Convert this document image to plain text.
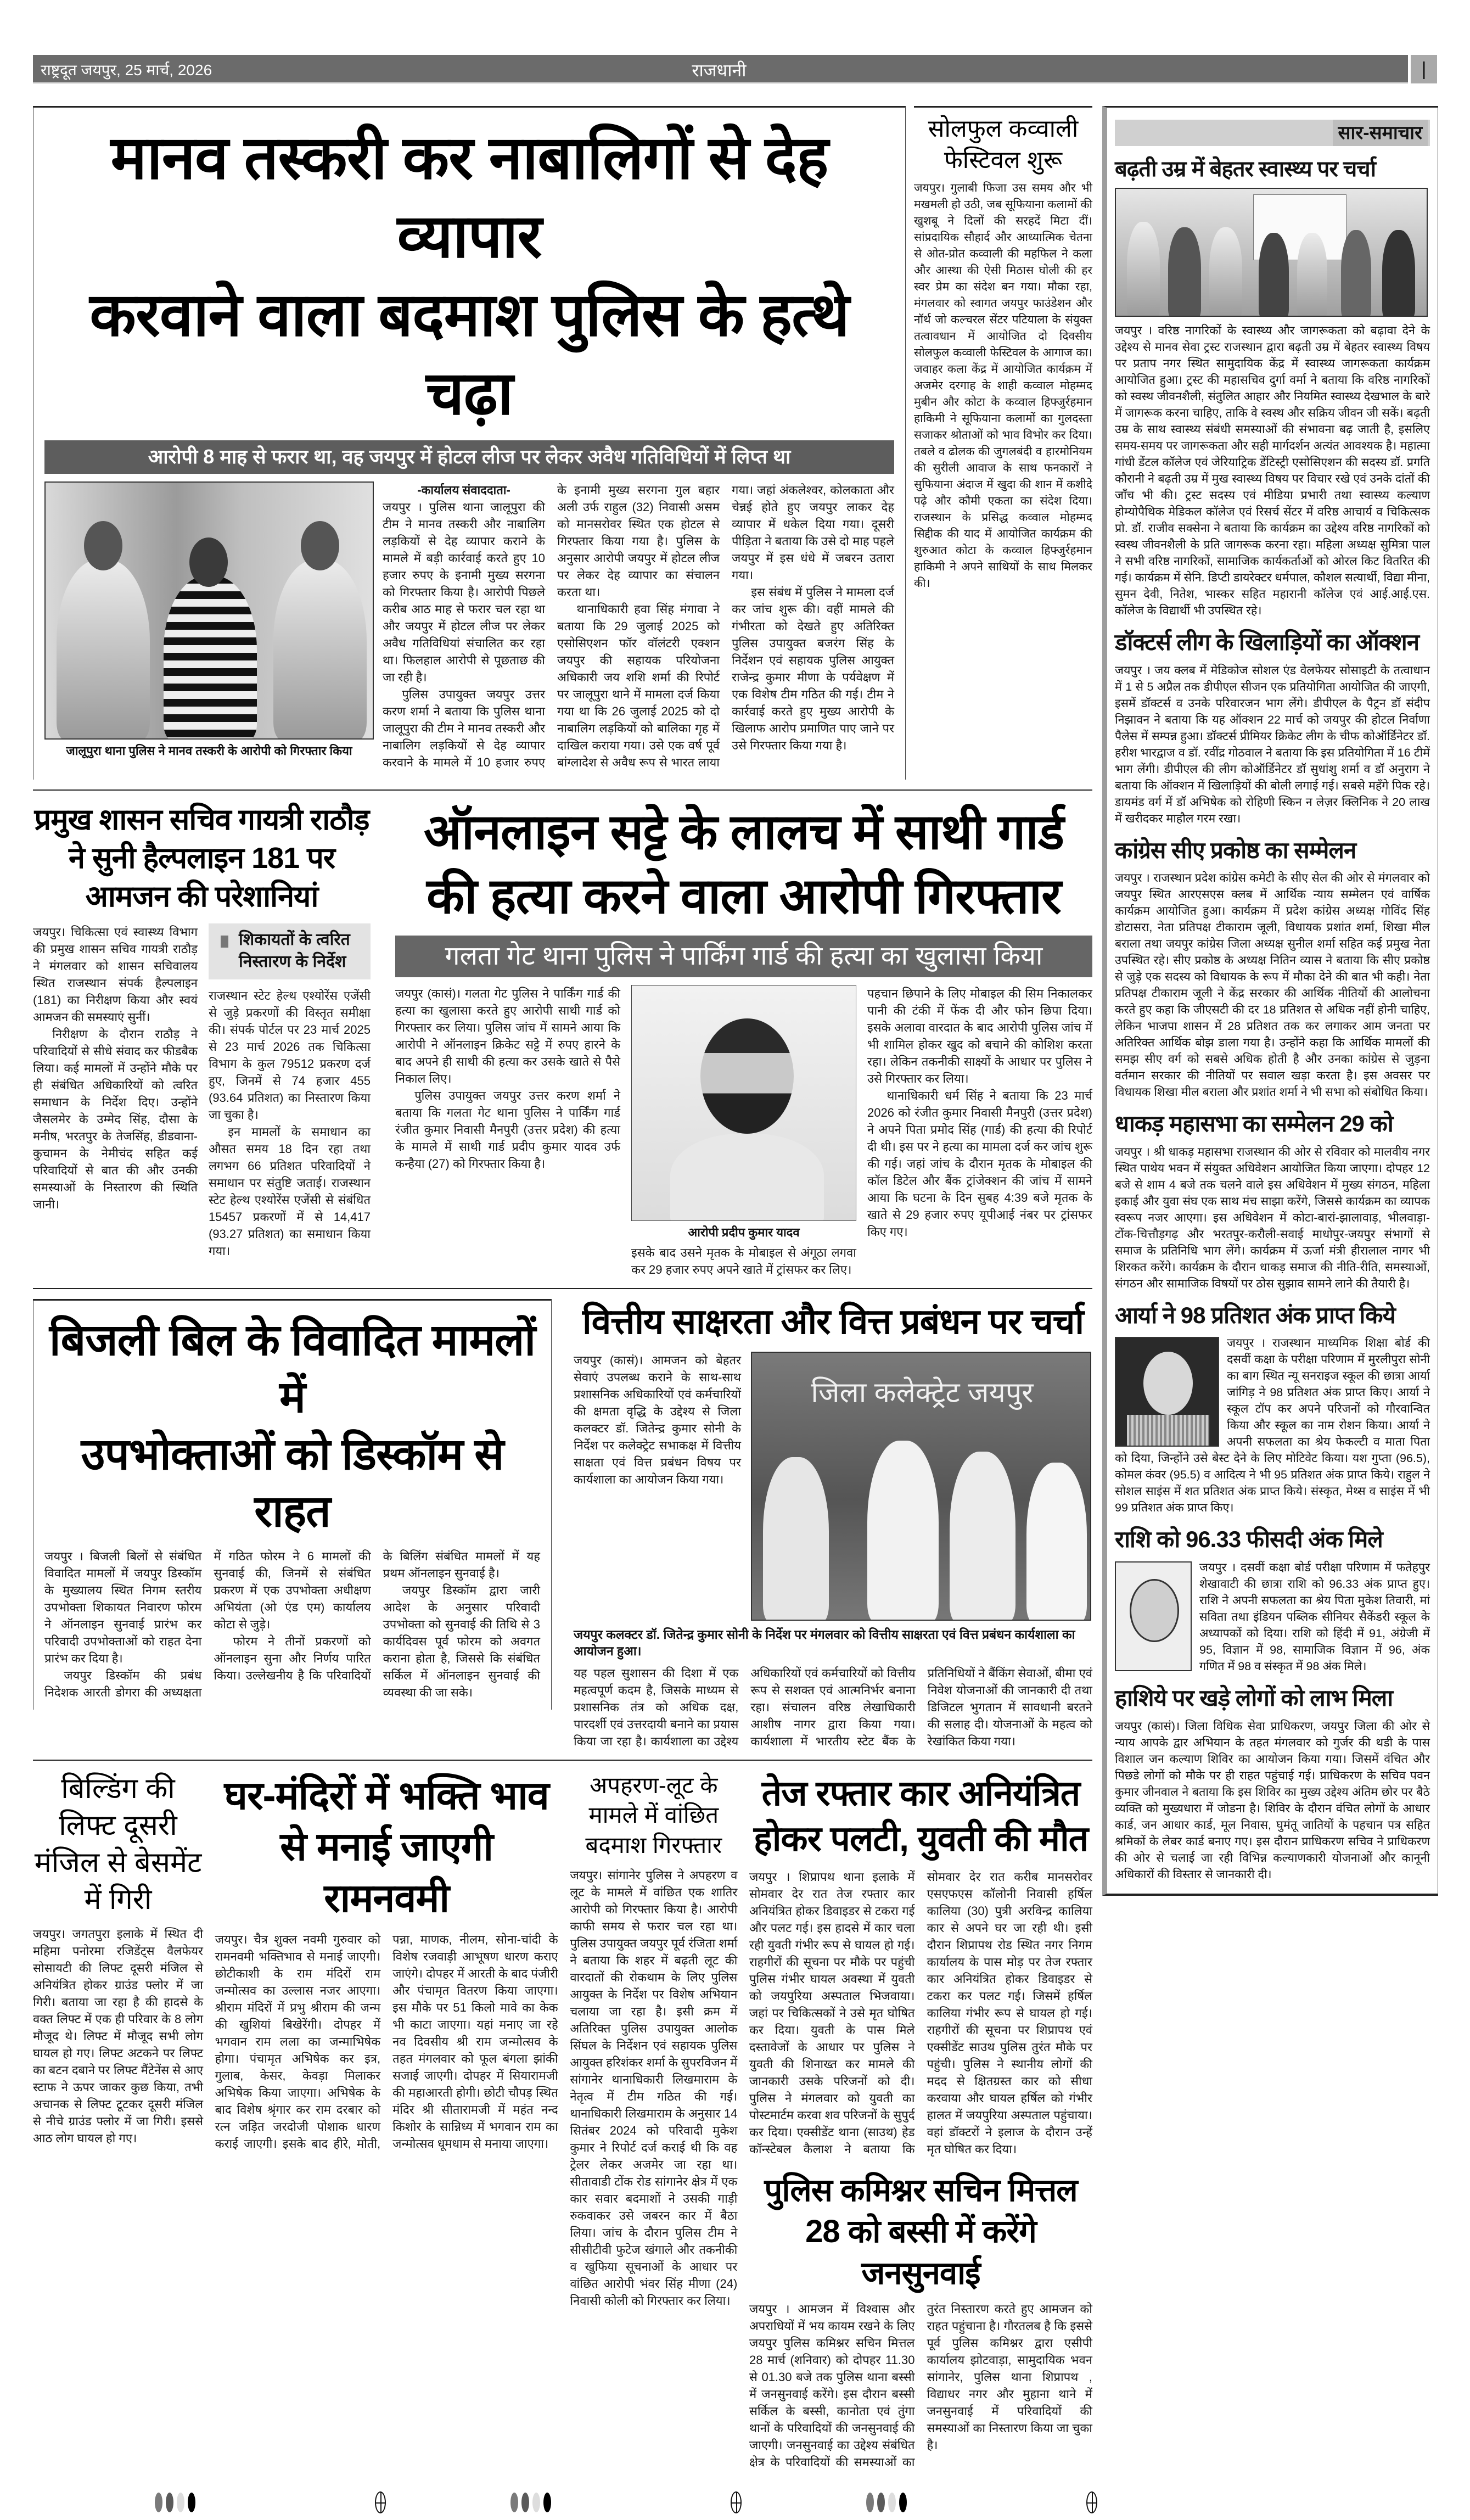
राष्ट्रदूत जयपुर, 25 मार्च, 2026	राजधानी	|
मानव तस्करी कर नाबालिगों से देह व्यापार
करवाने वाला बदमाश पुलिस के हत्थे चढ़ा
आरोपी 8 माह से फरार था, वह जयपुर में होटल लीज पर लेकर अवैध गतिविधियों में लिप्त था
जालूपुरा थाना पुलिस ने मानव तस्करी के आरोपी को गिरफ्तार किया

-कार्यालय संवाददाता-

जयपुर । पुलिस थाना जालूपुरा की टीम ने मानव तस्करी और नाबालिग लड़कियों से देह व्यापार कराने के मामले में बड़ी कार्रवाई करते हुए 10 हजार रुपए के इनामी मुख्य सरगना को गिरफ्तार किया है। आरोपी पिछले करीब आठ माह से फरार चल रहा था और जयपुर में होटल लीज पर लेकर अवैध गतिविधियां संचालित कर रहा था। फिलहाल आरोपी से पूछताछ की जा रही है।

पुलिस उपायुक्त जयपुर उत्तर करण शर्मा ने बताया कि पुलिस थाना जालूपुरा की टीम ने मानव तस्करी और नाबालिग लड़कियों से देह व्यापार करवाने के मामले में 10 हजार रुपए के इनामी मुख्य सरगना गुल बहार अली उर्फ राहुल (32) निवासी असम को मानसरोवर स्थित एक होटल से गिरफ्तार किया गया है। पुलिस के अनुसार आरोपी जयपुर में होटल लीज पर लेकर देह व्यापार का संचालन करता था।

थानाधिकारी हवा सिंह मंगावा ने बताया कि 29 जुलाई 2025 को एसोसिएशन फॉर वॉलंटरी एक्शन जयपुर की सहायक परियोजना अधिकारी जय शशि शर्मा की रिपोर्ट पर जालूपुरा थाने में मामला दर्ज किया गया था कि 26 जुलाई 2025 को दो नाबालिग लड़कियों को बालिका गृह में दाखिल कराया गया। उसे एक वर्ष पूर्व बांग्लादेश से अवैध रूप से भारत लाया गया। जहां अंकलेश्वर, कोलकाता और चेन्नई होते हुए जयपुर लाकर देह व्यापार में धकेल दिया गया। दूसरी पीड़िता ने बताया कि उसे दो माह पहले जयपुर में इस धंधे में जबरन उतारा गया।

इस संबंध में पुलिस ने मामला दर्ज कर जांच शुरू की। वहीं मामले की गंभीरता को देखते हुए अतिरिक्त पुलिस उपायुक्त बजरंग सिंह के निर्देशन एवं सहायक पुलिस आयुक्त राजेन्द्र कुमार मीणा के पर्यवेक्षण में एक विशेष टीम गठित की गई। टीम ने कार्रवाई करते हुए मुख्य आरोपी के खिलाफ आरोप प्रमाणित पाए जाने पर उसे गिरफ्तार किया गया है।

सोलफुल कव्वाली
फेस्टिवल शुरू

जयपुर। गुलाबी फिजा उस समय और भी मखमली हो उठी, जब सूफियाना कलामों की खुशबू ने दिलों की सरहदें मिटा दीं। सांप्रदायिक सौहार्द और आध्यात्मिक चेतना से ओत-प्रोत कव्वाली की महफिल ने कला और आस्था की ऐसी मिठास घोली की हर स्वर प्रेम का संदेश बन गया। मौका रहा, मंगलवार को स्वागत जयपुर फाउंडेशन और नॉर्थ जो कल्चरल सेंटर पटियाला के संयुक्त तत्वावधान में आयोजित दो दिवसीय सोलफुल कव्वाली फेस्टिवल के आगाज का। जवाहर कला केंद्र में आयोजित कार्यक्रम में अजमेर दरगाह के शाही कव्वाल मोहम्मद मुबीन और कोटा के कव्वाल हिफ्जुर्रहमान हाकिमी ने सूफियाना कलामों का गुलदस्ता सजाकर श्रोताओं को भाव विभोर कर दिया। तबले व ढोलक की जुगलबंदी व हारमोनियम की सुरीली आवाज के साथ फनकारों ने सुफियाना अंदाज में खुदा की शान में कशीदे पढ़े और कौमी एकता का संदेश दिया। राजस्थान के प्रसिद्ध कव्वाल मोहम्मद सिद्दीक की याद में आयोजित कार्यक्रम की शुरुआत कोटा के कव्वाल हिफ्जुर्रहमान हाकिमी ने अपने साथियों के साथ मिलकर की।

प्रमुख शासन सचिव गायत्री राठौड़ ने सुनी हैल्पलाइन 181 पर आमजन की परेशानियां

जयपुर। चिकित्सा एवं स्वास्थ्य विभाग की प्रमुख शासन सचिव गायत्री राठौड़ ने मंगलवार को शासन सचिवालय स्थित राजस्थान संपर्क हैल्पलाइन (181) का निरीक्षण किया और स्वयं आमजन की समस्याएं सुनीं।

निरीक्षण के दौरान राठौड़ ने परिवादियों से सीधे संवाद कर फीडबैक लिया। कई मामलों में उन्होंने मौके पर ही संबंधित अधिकारियों को त्वरित समाधान के निर्देश दिए। उन्होंने जैसलमेर के उम्मेद सिंह, दौसा के मनीष, भरतपुर के तेजसिंह, डीडवाना-कुचामन के नेमीचंद सहित कई परिवादियों से बात की और उनकी समस्याओं के निस्तारण की स्थिति जानी।

शिकायतों के त्वरित निस्तारण के निर्देश

राजस्थान स्टेट हेल्थ एश्योरेंस एजेंसी से जुड़े प्रकरणों की विस्तृत समीक्षा की। संपर्क पोर्टल पर 23 मार्च 2025 से 23 मार्च 2026 तक चिकित्सा विभाग के कुल 79512 प्रकरण दर्ज हुए, जिनमें से 74 हजार 455 (93.64 प्रतिशत) का निस्तारण किया जा चुका है।

इन मामलों के समाधान का औसत समय 18 दिन रहा तथा लगभग 66 प्रतिशत परिवादियों ने समाधान पर संतुष्टि जताई। राजस्थान स्टेट हेल्थ एश्योरेंस एजेंसी से संबंधित 15457 प्रकरणों में से 14,417 (93.27 प्रतिशत) का समाधान किया गया।

ऑनलाइन सट्टे के लालच में साथी गार्ड
की हत्या करने वाला आरोपी गिरफ्तार
गलता गेट थाना पुलिस ने पार्किंग गार्ड की हत्या का खुलासा किया

जयपुर (कासं)। गलता गेट पुलिस ने पार्किंग गार्ड की हत्या का खुलासा करते हुए आरोपी साथी गार्ड को गिरफ्तार कर लिया। पुलिस जांच में सामने आया कि आरोपी ने ऑनलाइन क्रिकेट सट्टे में रुपए हारने के बाद अपने ही साथी की हत्या कर उसके खाते से पैसे निकाल लिए।

पुलिस उपायुक्त जयपुर उत्तर करण शर्मा ने बताया कि गलता गेट थाना पुलिस ने पार्किंग गार्ड रंजीत कुमार निवासी मैनपुरी (उत्तर प्रदेश) की हत्या के मामले में साथी गार्ड प्रदीप कुमार यादव उर्फ कन्हैया (27) को गिरफ्तार किया है।

आरोपी प्रदीप कुमार यादव

इसके बाद उसने मृतक के मोबाइल से अंगूठा लगवा कर 29 हजार रुपए अपने खाते में ट्रांसफर कर लिए।

पहचान छिपाने के लिए मोबाइल की सिम निकालकर पानी की टंकी में फेंक दी और फोन छिपा दिया। इसके अलावा वारदात के बाद आरोपी पुलिस जांच में भी शामिल होकर खुद को बचाने की कोशिश करता रहा। लेकिन तकनीकी साक्ष्यों के आधार पर पुलिस ने उसे गिरफ्तार कर लिया।

थानाधिकारी धर्म सिंह ने बताया कि 23 मार्च 2026 को रंजीत कुमार निवासी मैनपुरी (उत्तर प्रदेश) ने अपने पिता प्रमोद सिंह (गार्ड) की हत्या की रिपोर्ट दी थी। इस पर ने हत्या का मामला दर्ज कर जांच शुरू की गई। जहां जांच के दौरान मृतक के मोबाइल की कॉल डिटेल और बैंक ट्रांजेक्शन की जांच में सामने आया कि घटना के दिन सुबह 4:39 बजे मृतक के खाते से 29 हजार रुपए यूपीआई नंबर पर ट्रांसफर किए गए।

बिजली बिल के विवादित मामलों में
उपभोक्ताओं को डिस्कॉम से राहत

जयपुर । बिजली बिलों से संबंधित विवादित मामलों में जयपुर डिस्कॉम के मुख्यालय स्थित निगम स्तरीय उपभोक्ता शिकायत निवारण फोरम ने ऑनलाइन सुनवाई प्रारंभ कर परिवादी उपभोक्ताओं को राहत देना प्रारंभ कर दिया है।

जयपुर डिस्कॉम की प्रबंध निदेशक आरती डोगरा की अध्यक्षता में गठित फोरम ने 6 मामलों की सुनवाई की, जिनमें से संबंधित प्रकरण में एक उपभोक्ता अधीक्षण अभियंता (ओ एंड एम) कार्यालय कोटा से जुड़े।

फोरम ने तीनों प्रकरणों को ऑनलाइन सुना और निर्णय पारित किया। उल्लेखनीय है कि परिवादियों के बिलिंग संबंधित मामलों में यह प्रथम ऑनलाइन सुनवाई है।

जयपुर डिस्कॉम द्वारा जारी आदेश के अनुसार परिवादी उपभोक्ता को सुनवाई की तिथि से 3 कार्यदिवस पूर्व फोरम को अवगत कराना होता है, जिससे कि संबंधित सर्किल में ऑनलाइन सुनवाई की व्यवस्था की जा सके।

वित्तीय साक्षरता और वित्त प्रबंधन पर चर्चा

जयपुर (कासं)। आमजन को बेहतर सेवाएं उपलब्ध कराने के साथ-साथ प्रशासनिक अधिकारियों एवं कर्मचारियों की क्षमता वृद्धि के उद्देश्य से जिला कलक्टर डॉ. जितेन्द्र कुमार सोनी के निर्देश पर कलेक्ट्रेट सभाकक्ष में वित्तीय साक्षता एवं वित्त प्रबंधन विषय पर कार्यशाला का आयोजन किया गया।

जिला कलेक्ट्रेट जयपुर
जयपुर कलक्टर डॉ. जितेन्द्र कुमार सोनी के निर्देश पर मंगलवार को वित्तीय साक्षरता एवं वित्त प्रबंधन कार्यशाला का आयोजन हुआ।

यह पहल सुशासन की दिशा में एक महत्वपूर्ण कदम है, जिसके माध्यम से प्रशासनिक तंत्र को अधिक दक्ष, पारदर्शी एवं उत्तरदायी बनाने का प्रयास किया जा रहा है। कार्यशाला का उद्देश्य अधिकारियों एवं कर्मचारियों को वित्तीय रूप से सशक्त एवं आत्मनिर्भर बनाना रहा। संचालन वरिष्ठ लेखाधिकारी आशीष नागर द्वारा किया गया। कार्यशाला में भारतीय स्टेट बैंक के प्रतिनिधियों ने बैंकिंग सेवाओं, बीमा एवं निवेश योजनाओं की जानकारी दी तथा डिजिटल भुगतान में सावधानी बरतने की सलाह दी। योजनाओं के महत्व को रेखांकित किया गया।

बिल्डिंग की लिफ्ट दूसरी मंजिल से बेसमेंट में गिरी

जयपुर। जगतपुरा इलाके में स्थित दी महिमा पनोरमा रजिडेंट्स वैलफेयर सोसायटी की लिफ्ट दूसरी मंजिल से अनियंत्रित होकर ग्राउंड फ्लोर में जा गिरी। बताया जा रहा है की हादसे के वक्त लिफ्ट में एक ही परिवार के 8 लोग मौजूद थे। लिफ्ट में मौजूद सभी लोग घायल हो गए। लिफ्ट अटकने पर लिफ्ट का बटन दबाने पर लिफ्ट मैंटेनेंस से आए स्टाफ ने ऊपर जाकर कुछ किया, तभी अचानक से लिफ्ट टूटकर दूसरी मंजिल से नीचे ग्राउंड फ्लोर में जा गिरी। इससे आठ लोग घायल हो गए।

घर-मंदिरों में भक्ति भाव
से मनाई जाएगी रामनवमी

जयपुर। चैत्र शुक्ल नवमी गुरुवार को रामनवमी भक्तिभाव से मनाई जाएगी। छोटीकाशी के राम मंदिरों राम जन्मोत्सव का उल्लास नजर आएगा। श्रीराम मंदिरों में प्रभु श्रीराम की जन्म की खुशियां बिखेरेंगी। दोपहर में भगवान राम लला का जन्माभिषेक होगा। पंचामृत अभिषेक कर इत्र, गुलाब, केसर, केवड़ा मिलाकर अभिषेक किया जाएगा। अभिषेक के बाद विशेष श्रृंगार कर राम दरबार को रत्न जड़ित जरदोजी पोशाक धारण कराई जाएगी। इसके बाद हीरे, मोती, पन्ना, माणक, नीलम, सोना-चांदी के विशेष रजवाड़ी आभूषण धारण कराए जाएंगे। दोपहर में आरती के बाद पंजीरी और पंचामृत वितरण किया जाएगा। इस मौके पर 51 किलो मावे का केक भी काटा जाएगा। यहां मनाए जा रहे नव दिवसीय श्री राम जन्मोत्सव के तहत मंगलवार को फूल बंगला झांकी सजाई जाएगी। दोपहर में सियारामजी की महाआरती होगी। छोटी चौपड़ स्थित मंदिर श्री सीतारामजी में महंत नन्द किशोर के सान्निध्य में भगवान राम का जन्मोत्सव धूमधाम से मनाया जाएगा।

अपहरण-लूट के
मामले में वांछित
बदमाश गिरफ्तार

जयपुर। सांगानेर पुलिस ने अपहरण व लूट के मामले में वांछित एक शातिर आरोपी को गिरफ्तार किया है। आरोपी काफी समय से फरार चल रहा था। पुलिस उपायुक्त जयपुर पूर्व रंजिता शर्मा ने बताया कि शहर में बढ़ती लूट की वारदातों की रोकथाम के लिए पुलिस आयुक्त के निर्देश पर विशेष अभियान चलाया जा रहा है। इसी क्रम में अतिरिक्त पुलिस उपायुक्त आलोक सिंघल के निर्देशन एवं सहायक पुलिस आयुक्त हरिशंकर शर्मा के सुपरविजन में सांगानेर थानाधिकारी लिखमाराम के नेतृत्व में टीम गठित की गई। थानाधिकारी लिखमाराम के अनुसार 14 सितंबर 2024 को परिवादी मुकेश कुमार ने रिपोर्ट दर्ज कराई थी कि वह ट्रेलर लेकर अजमेर जा रहा था। सीतावाडी टोंक रोड सांगानेर क्षेत्र में एक कार सवार बदमाशों ने उसकी गाड़ी रुकवाकर उसे जबरन कार में बैठा लिया। जांच के दौरान पुलिस टीम ने सीसीटीवी फुटेज खंगाले और तकनीकी व खुफिया सूचनाओं के आधार पर वांछित आरोपी भंवर सिंह मीणा (24) निवासी कोली को गिरफ्तार कर लिया।

तेज रफ्तार कार अनियंत्रित
होकर पलटी, युवती की मौत

जयपुर । शिप्रापथ थाना इलाके में सोमवार देर रात तेज रफ्तार कार अनियंत्रित होकर डिवाइडर से टकरा गई और पलट गई। इस हादसे में कार चला रही युवती गंभीर रूप से घायल हो गई। राहगीरों की सूचना पर मौके पर पहुंची पुलिस गंभीर घायल अवस्था में युवती को जयपुरिया अस्पताल भिजवाया। जहां पर चिकित्सकों ने उसे मृत घोषित कर दिया। युवती के पास मिले दस्तावेजों के आधार पर पुलिस ने युवती की शिनाख्त कर मामले की जानकारी उसके परिजनों को दी। पुलिस ने मंगलवार को युवती का पोस्टमार्टम करवा शव परिजनों के सुपुर्द कर दिया। एक्सीडेंट थाना (साउथ) हेड कॉन्स्टेबल कैलाश ने बताया कि सोमवार देर रात करीब मानसरोवर एसएफएस कॉलोनी निवासी हर्षिल कालिया (30) पुत्री अरविन्द्र कालिया कार से अपने घर जा रही थी। इसी दौरान शिप्रापथ रोड स्थित नगर निगम कार्यालय के पास मोड़ पर तेज रफ्तार कार अनियंत्रित होकर डिवाइडर से टकरा कर पलट गई। जिसमें हर्षिल कालिया गंभीर रूप से घायल हो गई। राहगीरों की सूचना पर शिप्रापथ एवं एक्सीडेंट साउथ पुलिस तुरंत मौके पर पहुंची। पुलिस ने स्थानीय लोगों की मदद से क्षितग्रस्त कार को सीधा करवाया और घायल हर्षिल को गंभीर हालत में जयपुरिया अस्पताल पहुंचाया। वहां डॉक्टरों ने इलाज के दौरान उन्हें मृत घोषित कर दिया।

पुलिस कमिश्नर सचिन मित्तल
28 को बस्सी में करेंगे जनसुनवाई

जयपुर । आमजन में विश्वास और अपराधियों में भय कायम रखने के लिए जयपुर पुलिस कमिश्नर सचिन मित्तल 28 मार्च (शनिवार) को दोपहर 11.30 से 01.30 बजे तक पुलिस थाना बस्सी में जनसुनवाई करेंगे। इस दौरान बस्सी सर्किल के बस्सी, कानोता एवं तुंगा थानों के परिवादियों की जनसुनवाई की जाएगी। जनसुनवाई का उद्देश्य संबंधित क्षेत्र के परिवादियों की समस्याओं का तुरंत निस्तारण करते हुए आमजन को राहत पहुंचाना है। गौरतलब है कि इससे पूर्व पुलिस कमिश्नर द्वारा एसीपी कार्यालय झोटवाड़ा, सामुदायिक भवन सांगानेर, पुलिस थाना शिप्रापथ , विद्याधर नगर और मुहाना थाने में जनसुनवाई में परिवादियों की समस्याओं का निस्तारण किया जा चुका है।

सार-समाचार
बढ़ती उम्र में बेहतर स्वास्थ्य पर चर्चा
जयपुर । वरिष्ठ नागरिकों के स्वास्थ्य और जागरूकता को बढ़ावा देने के उद्देश्य से मानव सेवा ट्रस्ट राजस्थान द्वारा बढ़ती उम्र में बेहतर स्वास्थ्य विषय पर प्रताप नगर स्थित सामुदायिक केंद्र में स्वास्थ्य जागरूकता कार्यक्रम आयोजित हुआ। ट्रस्ट की महासचिव दुर्गा वर्मा ने बताया कि वरिष्ठ नागरिकों को स्वस्थ जीवनशैली, संतुलित आहार और नियमित स्वास्थ्य देखभाल के बारे में जागरूक करना चाहिए, ताकि वे स्वस्थ और सक्रिय जीवन जी सकें। बढ़ती उम्र के साथ स्वास्थ्य संबंधी समस्याओं की संभावना बढ़ जाती है, इसलिए समय-समय पर जागरूकता और सही मार्गदर्शन अत्यंत आवश्यक है। महात्मा गांधी डेंटल कॉलेज एवं जेरियाट्रिक डेंटिस्ट्री एसोसिएशन की सदस्य डॉ. प्रगति कौरानी ने बढ़ती उम्र में मुख स्वास्थ्य विषय पर विचार रखे एवं उनके दांतों की जाँच भी की। ट्रस्ट सदस्य एवं मीडिया प्रभारी तथा स्वास्थ्य कल्याण होम्योपैथिक मेडिकल कॉलेज एवं रिसर्च सेंटर में वरिष्ठ आचार्य व चिकित्सक प्रो. डॉ. राजीव सक्सेना ने बताया कि कार्यक्रम का उद्देश्य वरिष्ठ नागरिकों को स्वस्थ जीवनशैली के प्रति जागरूक करना रहा। महिला अध्यक्ष सुमित्रा पाल ने सभी वरिष्ठ नागरिकों, सामाजिक कार्यकर्ताओं को ओरल किट वितरित की गई। कार्यक्रम में सेनि. डिप्टी डायरेक्टर धर्मपाल, कौशल सत्यार्थी, विद्या मीना, सुमन देवी, नितेश, भास्कर सहित महारानी कॉलेज एवं आई.आई.एस. कॉलेज के विद्यार्थी भी उपस्थित रहे।
डॉक्टर्स लीग के खिलाड़ियों का ऑक्शन
जयपुर । जय क्लब में मेडिकोज सोशल एंड वेलफेयर सोसाइटी के तत्वाधान में 1 से 5 अप्रैल तक डीपीएल सीजन एक प्रतियोगिता आयोजित की जाएगी, इसमें डॉक्टर्स व उनके परिवारजन भाग लेंगे। डीपीएल के पैट्रन डॉ संदीप निझावन ने बताया कि यह ऑक्शन 22 मार्च को जयपुर की होटल निर्वाणा पैलेस में सम्पन्न हुआ। डॉक्टर्स प्रीमियर क्रिकेट लीग के चीफ कोऑर्डिनेटर डॉ. हरीश भारद्वाज व डॉ. रवींद्र गोठवाल ने बताया कि इस प्रतियोगिता में 16 टीमें भाग लेंगी। डीपीएल की लीग कोऑर्डिनेटर डॉ सुधांशु शर्मा व डॉ अनुराग ने बताया कि ऑक्शन में खिलाड़ियों की बोली लगाई गई। सबसे महँगे पिक रहे। डायमंड वर्ग में डॉ अभिषेक को रोहिणी स्किन न लेज़र क्लिनिक ने 20 लाख में खरीदकर माहौल गरम रखा।
कांग्रेस सीए प्रकोष्ठ का सम्मेलन
जयपुर । राजस्थान प्रदेश कांग्रेस कमेटी के सीए सेल की ओर से मंगलवार को जयपुर स्थित आरएसएस क्लब में आर्थिक न्याय सम्मेलन एवं वार्षिक कार्यक्रम आयोजित हुआ। कार्यक्रम में प्रदेश कांग्रेस अध्यक्ष गोविंद सिंह डोटासरा, नेता प्रतिपक्ष टीकाराम जूली, विधायक प्रशांत शर्मा, शिखा मील बराला तथा जयपुर कांग्रेस जिला अध्यक्ष सुनील शर्मा सहित कई प्रमुख नेता उपस्थित रहे। सीए प्रकोष्ठ के अध्यक्ष नितिन व्यास ने बताया कि सीए प्रकोष्ठ से जुड़े एक सदस्य को विधायक के रूप में मौका देने की बात भी कही। नेता प्रतिपक्ष टीकाराम जूली ने केंद्र सरकार की आर्थिक नीतियों की आलोचना करते हुए कहा कि जीएसटी की दर 18 प्रतिशत से अधिक नहीं होनी चाहिए, लेकिन भाजपा शासन में 28 प्रतिशत तक कर लगाकर आम जनता पर अतिरिक्त आर्थिक बोझ डाला गया है। उन्होंने कहा कि आर्थिक मामलों की समझ सीए वर्ग को सबसे अधिक होती है और उनका कांग्रेस से जुड़ना वर्तमान सरकार की नीतियों पर सवाल खड़ा करता है। इस अवसर पर विधायक शिखा मील बराला और प्रशांत शर्मा ने भी सभा को संबोधित किया।
धाकड़ महासभा का सम्मेलन 29 को
जयपुर । श्री धाकड़ महासभा राजस्थान की ओर से रविवार को मालवीय नगर स्थित पाथेय भवन में संयुक्त अधिवेशन आयोजित किया जाएगा। दोपहर 12 बजे से शाम 4 बजे तक चलने वाले इस अधिवेशन में मुख्य संगठन, महिला इकाई और युवा संघ एक साथ मंच साझा करेंगे, जिससे कार्यक्रम का व्यापक स्वरूप नजर आएगा। इस अधिवेशन में कोटा-बारां-झालावाड़, भीलवाड़ा-टोंक-चित्तौड़गढ़ और भरतपुर-करौली-सवाई माधोपुर-जयपुर संभागों से समाज के प्रतिनिधि भाग लेंगे। कार्यक्रम में ऊर्जा मंत्री हीरालाल नागर भी शिरकत करेंगे। कार्यक्रम के दौरान धाकड़ समाज की नीति-रीति, समस्याओं, संगठन और सामाजिक विषयों पर ठोस सुझाव सामने लाने की तैयारी है।
आर्या ने 98 प्रतिशत अंक प्राप्त किये
जयपुर । राजस्थान माध्यमिक शिक्षा बोर्ड की दसवीं कक्षा के परीक्षा परिणाम में मुरलीपुरा सोनी का बाग स्थित न्यू सनराइज स्कूल की छात्रा आर्या जांगिड़ ने 98 प्रतिशत अंक प्राप्त किए। आर्या ने स्कूल टॉप कर अपने परिजनों को गौरवान्वित किया और स्कूल का नाम रोशन किया। आर्या ने अपनी सफलता का श्रेय फेकल्टी व माता पिता को दिया, जिन्होंने उसे बेस्ट देने के लिए मोटिवेट किया। यश गुप्ता (96.5), कोमल कंवर (95.5) व आदित्य ने भी 95 प्रतिशत अंक प्राप्त किये। राहुल ने सोशल साइंस में शत प्रतिशत अंक प्राप्त किये। संस्कृत, मेथ्स व साइंस में भी 99 प्रतिशत अंक प्राप्त किए।
राशि को 96.33 फीसदी अंक मिले
जयपुर । दसवीं कक्षा बोर्ड परीक्षा परिणाम में फतेहपुर शेखावाटी की छात्रा राशि को 96.33 अंक प्राप्त हुए। राशि ने अपनी सफलता का श्रेय पिता मुकेश तिवारी, मां सविता तथा इंडियन पब्लिक सीनियर सैकेंडरी स्कूल के अध्यापकों को दिया। राशि को हिंदी में 91, अंग्रेजी में 95, विज्ञान में 98, सामाजिक विज्ञान में 96, अंक गणित में 98 व संस्कृत में 98 अंक मिले।
हाशिये पर खड़े लोगों को लाभ मिला
जयपुर (कासं)। जिला विधिक सेवा प्राधिकरण, जयपुर जिला की ओर से न्याय आपके द्वार अभियान के तहत मंगलवार को गुर्जर की थडी के पास विशाल जन कल्याण शिविर का आयोजन किया गया। जिसमें वंचित और पिछडे लोगों को मौके पर ही राहत पहुंचाई गई। प्राधिकरण के सचिव पवन कुमार जीनवाल ने बताया कि इस शिविर का मुख्य उद्देश्य अंतिम छोर पर बैठे व्यक्ति को मुख्यधारा में जोडना है। शिविर के दौरान वंचित लोगों के आधार कार्ड, जन आधार कार्ड, मूल निवास, घुमंतू जातियों के पहचान पत्र सहित श्रमिकों के लेबर कार्ड बनाए गए। इस दौरान प्राधिकरण सचिव ने प्राधिकरण की ओर से चलाई जा रही विभिन्न कल्याणकारी योजनाओं और कानूनी अधिकारों की विस्तार से जानकारी दी।
